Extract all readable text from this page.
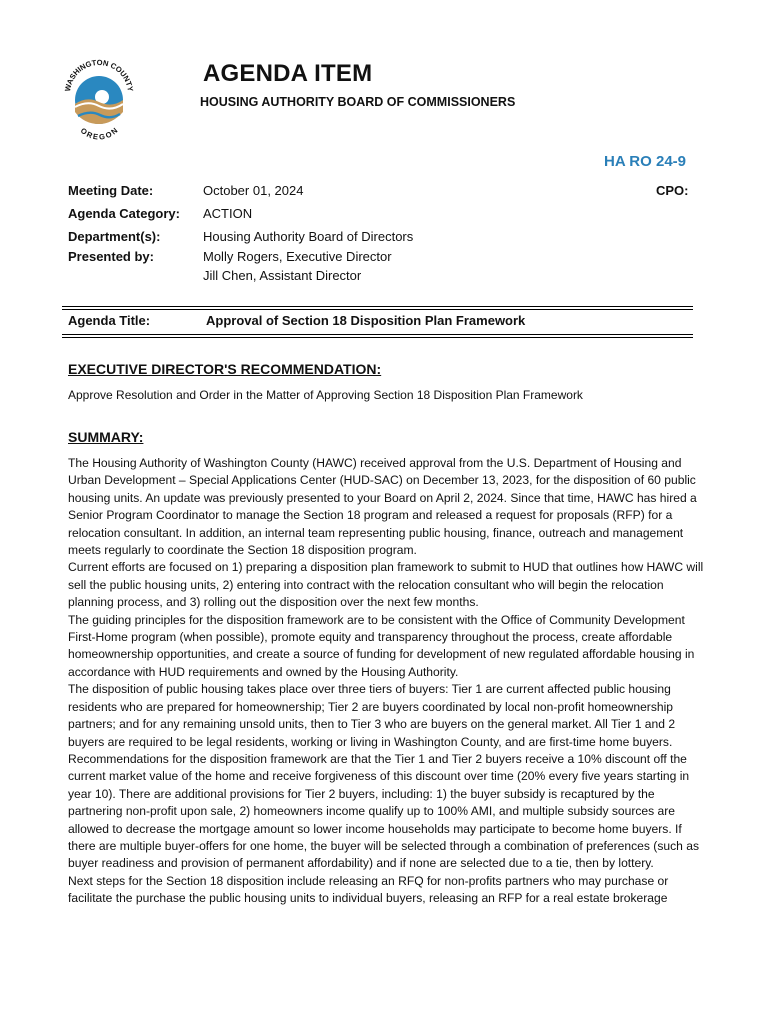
WASHINGTON COUNTY
OREGON
AGENDA ITEM
HOUSING AUTHORITY BOARD OF COMMISSIONERS
HA RO 24-9
Meeting Date:	October 01, 2024	CPO:
Agenda Category: ACTION
Department(s):	Housing Authority Board of Directors
Presented by:	Molly Rogers, Executive Director
Jill Chen, Assistant Director
Agenda Title:	Approval of Section 18 Disposition Plan Framework
EXECUTIVE DIRECTOR'S RECOMMENDATION:
Approve Resolution and Order in the Matter of Approving Section 18 Disposition Plan Framework
SUMMARY:

The Housing Authority of Washington County (HAWC) received approval from the U.S. Department of Housing and Urban Development – Special Applications Center (HUD-SAC) on December 13, 2023, for the disposition of 60 public housing units. An update was previously presented to your Board on April 2, 2024. Since that time, HAWC has hired a Senior Program Coordinator to manage the Section 18 program and released a request for proposals (RFP) for a relocation consultant. In addition, an internal team representing public housing, finance, outreach and management meets regularly to coordinate the Section 18 disposition program.

Current efforts are focused on 1) preparing a disposition plan framework to submit to HUD that outlines how HAWC will sell the public housing units, 2) entering into contract with the relocation consultant who will begin the relocation planning process, and 3) rolling out the disposition over the next few months.

The guiding principles for the disposition framework are to be consistent with the Office of Community Development First-Home program (when possible), promote equity and transparency throughout the process, create affordable homeownership opportunities, and create a source of funding for development of new regulated affordable housing in accordance with HUD requirements and owned by the Housing Authority.

The disposition of public housing takes place over three tiers of buyers: Tier 1 are current affected public housing residents who are prepared for homeownership; Tier 2 are buyers coordinated by local non-profit homeownership partners; and for any remaining unsold units, then to Tier 3 who are buyers on the general market. All Tier 1 and 2 buyers are required to be legal residents, working or living in Washington County, and are first-time home buyers.

Recommendations for the disposition framework are that the Tier 1 and Tier 2 buyers receive a 10% discount off the current market value of the home and receive forgiveness of this discount over time (20% every five years starting in year 10). There are additional provisions for Tier 2 buyers, including: 1) the buyer subsidy is recaptured by the partnering non-profit upon sale, 2) homeowners income qualify up to 100% AMI, and multiple subsidy sources are allowed to decrease the mortgage amount so lower income households may participate to become home buyers. If there are multiple buyer-offers for one home, the buyer will be selected through a combination of preferences (such as buyer readiness and provision of permanent affordability) and if none are selected due to a tie, then by lottery.

Next steps for the Section 18 disposition include releasing an RFQ for non-profits partners who may purchase or facilitate the purchase the public housing units to individual buyers, releasing an RFP for a real estate brokerage
